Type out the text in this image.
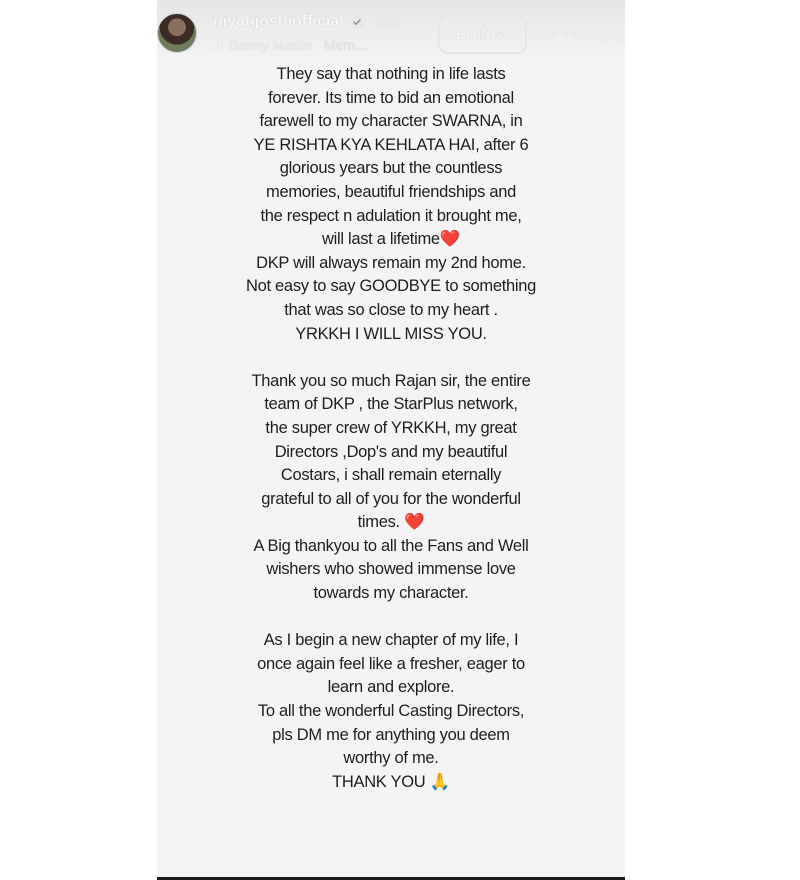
niyatijoshiofficial 14h
Benny Martin · Mem... ›
Follow
They say that nothing in life lasts
forever. Its time to bid an emotional
farewell to my character SWARNA, in
YE RISHTA KYA KEHLATA HAI, after 6
glorious years but the countless
memories, beautiful friendships and
the respect n adulation it brought me,
will last a lifetime❤️
DKP will always remain my 2nd home.
Not easy to say GOODBYE to something
that was so close to my heart .
YRKKH I WILL MISS YOU.
Thank you so much Rajan sir, the entire
team of DKP , the StarPlus network,
the super crew of YRKKH, my great
Directors ,Dop's and my beautiful
Costars, i shall remain eternally
grateful to all of you for the wonderful
times. ❤️
A Big thankyou to all the Fans and Well
wishers who showed immense love
towards my character.
As I begin a new chapter of my life, I
once again feel like a fresher, eager to
learn and explore.
To all the wonderful Casting Directors,
pls DM me for anything you deem
worthy of me.
THANK YOU 🙏
